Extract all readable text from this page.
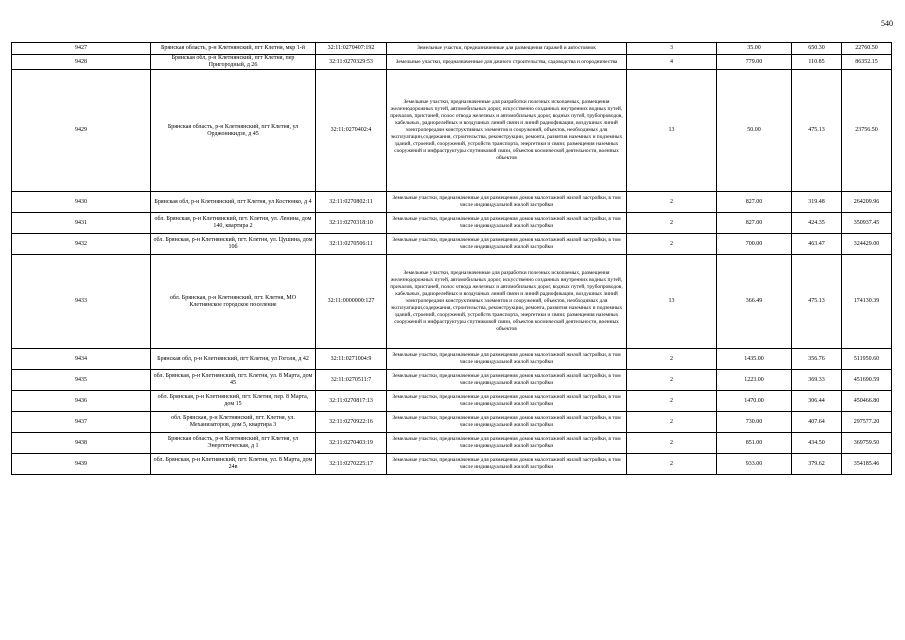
540
9427	Брянская область, р-н Клетнянский, пгт Клетня, мкр 1-й	32:11:0270407:192	Земельные участки, предназначенные для размещения гаражей и автостоянок	3	35.00	650.30	22760.50
9428	Брянская обл, р-н Клетнянский, пгт Клетня, пер Пригородный, д 26	32:11:0270329:53	Земельные участки, предназначенные для дачного строительства, садоводства и огородничества	4	779.00	110.85	86352.15
9429	Брянская область, р-н Клетнянский, пгт Клетня, ул Орджоникидзе, д 45	32:11:0270402:4	Земельные участки, предназначенные для разработки полезных ископаемых, размещения железнодорожных путей, автомобильных дорог, искусственно созданных внутренних водных путей, причалов, пристаней, полос отвода железных и автомобильных дорог, водных путей, трубопроводов, кабельных, радиорелейных и воздушных линий связи и линий радиофикации, воздушных линий электропередачи конструктивных элементов и сооружений, объектов, необходимых для эксплуатации,содержания, строительства, реконструкции, ремонта, развития наземных и подземных зданий, строений, сооружений, устройств транспорта, энергетики и связи; размещения наземных сооружений и инфраструктуры спутниковой связи, объектов космической деятельности, военных объектов	13	50.00	475.13	23756.50
9430	Брянская обл, р-н Клетнянский, пгт Клетня, ул Костюнко, д 4	32:11:0270802:11	Земельные участки, предназначенные для размещения домов малоэтажной жилой застройки, в том числе индивидуальной жилой застройки	2	827.00	319.48	264209.96
9431	обл. Брянская, р-н Клетнянский, пгт. Клетня, ул. Ленина, дом 140, квартира 2	32:11:0270318:10	Земельные участки, предназначенные для размещения домов малоэтажной жилой застройки, в том числе индивидуальной жилой застройки	2	827.00	424.35	350937.45
9432	обл. Брянская, р-н Клетнянский, пгт. Клетня, ул. Цушина, дом 10б	32:11:0270506:11	Земельные участки, предназначенные для размещения домов малоэтажной жилой застройки, в том числе индивидуальной жилой застройки	2	700.00	463.47	324429.00
9433	обл. Брянская, р-н Клетнянский, пгт. Клетня, МО Клетнянское городское поселение	32:11:0000000:127	Земельные участки, предназначенные для разработки полезных ископаемых, размещения железнодорожных путей, автомобильных дорог, искусственно созданных внутренних водных путей, причалов, пристаней, полос отвода железных и автомобильных дорог, водных путей, трубопроводов, кабельных, радиорелейных и воздушных линий связи и линий радиофикации, воздушных линий электропередачи конструктивных элементов и сооружений, объектов, необходимых для эксплуатации,содержания, строительства, реконструкции, ремонта, развития наземных и подземных зданий, строений, сооружений, устройств транспорта, энергетики и связи; размещения наземных сооружений и инфраструктуры спутниковой связи, объектов космической деятельности, военных объектов	13	366.49	475.13	174130.39
9434	Брянская обл, р-н Клетнянский, пгт Клетня, ул Гоголя, д 42	32:11:0271004:9	Земельные участки, предназначенные для размещения домов малоэтажной жилой застройки, в том числе индивидуальной жилой застройки	2	1435.00	356.76	511950.60
9435	обл. Брянская, р-н Клетнянский, пгт. Клетня, ул. 8 Марта, дом 45	32:11:0270511:7	Земельные участки, предназначенные для размещения домов малоэтажной жилой застройки, в том числе индивидуальной жилой застройки	2	1223.00	369.33	451690.59
9436	обл. Брянская, р-н Клетнянский, пгт. Клетня, пер. 8 Марта, дом 15	32:11:0270817:13	Земельные участки, предназначенные для размещения домов малоэтажной жилой застройки, в том числе индивидуальной жилой застройки	2	1470.00	306.44	450466.80
9437	обл. Брянская, р-н Клетнянский, пгт. Клетня, ул. Механизаторов, дом 5, квартира 3	32:11:0270922:16	Земельные участки, предназначенные для размещения домов малоэтажной жилой застройки, в том числе индивидуальной жилой застройки	2	730.00	407.64	297577.20
9438	Брянская область, р-н Клетнянский, пгт Клетня, ул Энергетическая, д 1	32:11:0270403:19	Земельные участки, предназначенные для размещения домов малоэтажной жилой застройки, в том числе индивидуальной жилой застройки	2	851.00	434.50	369759.50
9439	обл. Брянская, р-н Клетнянский, пгт. Клетня, ул. 8 Марта, дом 24в	32:11:0270225:17	Земельные участки, предназначенные для размещения домов малоэтажной жилой застройки, в том числе индивидуальной жилой застройки	2	933.00	379.62	354185.46
